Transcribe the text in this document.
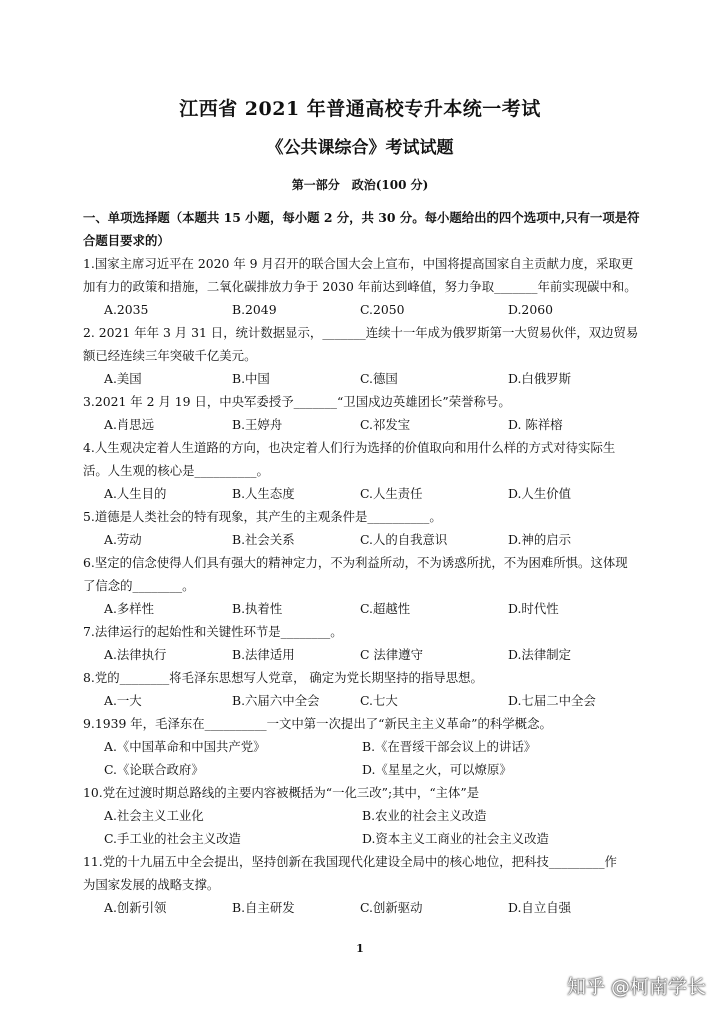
江西省 2021 年普通高校专升本统一考试
《公共课综合》考试试题
第一部分　政治(100 分)
一、单项选择题（本题共 15 小题，每小题 2 分，共 30 分。每小题给出的四个选项中,只有一项是符
合题目要求的）
1.国家主席习近平在 2020 年 9 月召开的联合国大会上宣布，中国将提高国家自主贡献力度，采取更
加有力的政策和措施，二氧化碳排放力争于 2030 年前达到峰值，努力争取_______年前实现碳中和。
A.2035	B.2049	C.2050	D.2060
2. 2021 年年 3 月 31 日，统计数据显示，_______连续十一年成为俄罗斯第一大贸易伙伴，双边贸易
额已经连续三年突破千亿美元。
A.美国	B.中国	C.德国	D.白俄罗斯
3.2021 年 2 月 19 日，中央军委授予_______“卫国戍边英雄团长”荣誉称号。
A.肖思远	B.王婷舟	C.祁发宝	D. 陈祥榕
4.人生观决定着人生道路的方向，也决定着人们行为选择的价值取向和用什么样的方式对待实际生
活。人生观的核心是__________。
A.人生目的	B.人生态度	C.人生责任	D.人生价值
5.道德是人类社会的特有现象，其产生的主观条件是__________。
A.劳动	B.社会关系	C.人的自我意识	D.神的启示
6.坚定的信念使得人们具有强大的精神定力，不为利益所动，不为诱惑所扰，不为困难所惧。这体现
了信念的________。
A.多样性	B.执着性	C.超越性	D.时代性
7.法律运行的起始性和关键性环节是________。
A.法律执行	B.法律适用	C 法律遵守	D.法律制定
8.党的________将毛泽东思想写人党章， 确定为党长期坚持的指导思想。
A.一大	B.六届六中全会	C.七大	D.七届二中全会
9.1939 年，毛泽东在__________一文中第一次提出了“新民主主义革命”的科学概念。
A.《中国革命和中国共产党》	B.《在晋绥干部会议上的讲话》
C.《论联合政府》	D.《星星之火，可以燎原》
10.党在过渡时期总路线的主要内容被概括为“一化三改”;其中，“主体”是
A.社会主义工业化	B.农业的社会主义改造
C.手工业的社会主义改造	D.资本主义工商业的社会主义改造
11.党的十九届五中全会提出，坚持创新在我国现代化建设全局中的核心地位，把科技_________作
为国家发展的战略支撑。
A.创新引领	B.自主研发	C.创新驱动	D.自立自强
1
知乎 @柯南学长
